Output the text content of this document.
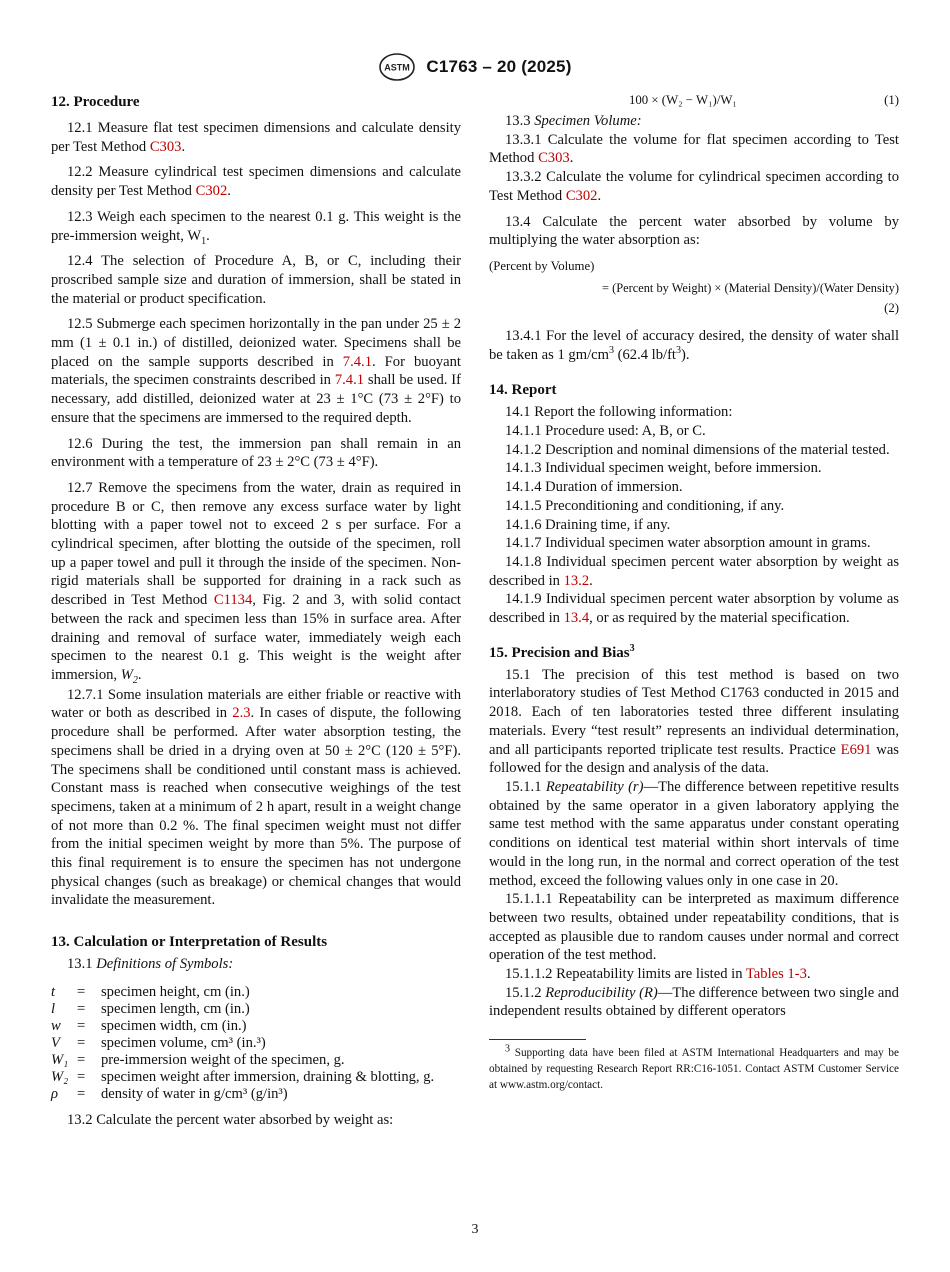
ASTM C1763 – 20 (2025)
12. Procedure

12.1 Measure flat test specimen dimensions and calculate density per Test Method C303.

12.2 Measure cylindrical test specimen dimensions and calculate density per Test Method C302.

12.3 Weigh each specimen to the nearest 0.1 g. This weight is the pre-immersion weight, $W_1$.

12.4 The selection of Procedure A, B, or C, including their proscribed sample size and duration of immersion, shall be stated in the material or product specification.

12.5 Submerge each specimen horizontally in the pan under 25 ± 2 mm (1 ± 0.1 in.) of distilled, deionized water. Specimens shall be placed on the sample supports described in 7.4.1. For buoyant materials, the specimen constraints described in 7.4.1 shall be used. If necessary, add distilled, deionized water at 23 ± 1°C (73 ± 2°F) to ensure that the specimens are immersed to the required depth.

12.6 During the test, the immersion pan shall remain in an environment with a temperature of 23 ± 2°C (73 ± 4°F).

12.7 Remove the specimens from the water, drain as required in procedure B or C, then remove any excess surface water by light blotting with a paper towel not to exceed 2 s per surface. For a cylindrical specimen, after blotting the outside of the specimen, roll up a paper towel and pull it through the inside of the specimen. Non-rigid materials shall be supported for draining in a rack such as described in Test Method C1134, Fig. 2 and 3, with solid contact between the rack and specimen less than 15% in surface area. After draining and removal of surface water, immediately weigh each specimen to the nearest 0.1 g. This weight is the weight after immersion, $W_2$.

12.7.1 Some insulation materials are either friable or reactive with water or both as described in 2.3. In cases of dispute, the following procedure shall be performed. After water absorption testing, the specimens shall be dried in a drying oven at 50 ± 2°C (120 ± 5°F). The specimens shall be conditioned until constant mass is achieved. Constant mass is reached when consecutive weighings of the test specimens, taken at a minimum of 2 h apart, result in a weight change of not more than 0.2 %. The final specimen weight must not differ from the initial specimen weight by more than 5%. The purpose of this final requirement is to ensure the specimen has not undergone physical changes (such as breakage) or chemical changes that would invalidate the measurement.

13. Calculation or Interpretation of Results

13.1 Definitions of Symbols:

t	=	specimen height, cm (in.)
l	=	specimen length, cm (in.)
w	=	specimen width, cm (in.)
V	=	specimen volume, cm³ (in.³)
W₁	=	pre-immersion weight of the specimen, g.
W₂	=	specimen weight after immersion, draining & blotting, g.
ρ	=	density of water in g/cm³ (g/in³)

13.2 Calculate the percent water absorbed by weight as:

100 × (W₂ − W₁)/W₁	(1)

13.3 Specimen Volume:

13.3.1 Calculate the volume for flat specimen according to Test Method C303.

13.3.2 Calculate the volume for cylindrical specimen according to Test Method C302.

13.4 Calculate the percent water absorbed by volume by multiplying the water absorption as:

(Percent by Volume)
= (Percent by Weight) × (Material Density)/(Water Density)
(2)

13.4.1 For the level of accuracy desired, the density of water shall be taken as 1 $gm/cm^3$ (62.4 $lb/ft^3$).

14. Report

14.1 Report the following information:

14.1.1 Procedure used: A, B, or C.

14.1.2 Description and nominal dimensions of the material tested.

14.1.3 Individual specimen weight, before immersion.

14.1.4 Duration of immersion.

14.1.5 Preconditioning and conditioning, if any.

14.1.6 Draining time, if any.

14.1.7 Individual specimen water absorption amount in grams.

14.1.8 Individual specimen percent water absorption by weight as described in 13.2.

14.1.9 Individual specimen percent water absorption by volume as described in 13.4, or as required by the material specification.

15. Precision and Bias$^3$

15.1 The precision of this test method is based on two interlaboratory studies of Test Method C1763 conducted in 2015 and 2018. Each of ten laboratories tested three different insulating materials. Every “test result” represents an individual determination, and all participants reported triplicate test results. Practice E691 was followed for the design and analysis of the data.

15.1.1 Repeatability (r)—The difference between repetitive results obtained by the same operator in a given laboratory applying the same test method with the same apparatus under constant operating conditions on identical test material within short intervals of time would in the long run, in the normal and correct operation of the test method, exceed the following values only in one case in 20.

15.1.1.1 Repeatability can be interpreted as maximum difference between two results, obtained under repeatability conditions, that is accepted as plausible due to random causes under normal and correct operation of the test method.

15.1.1.2 Repeatability limits are listed in Tables 1-3.

15.1.2 Reproducibility (R)—The difference between two single and independent results obtained by different operators

$^3$ Supporting data have been filed at ASTM International Headquarters and may be obtained by requesting Research Report RR:C16-1051. Contact ASTM Customer Service at www.astm.org/contact.

3
